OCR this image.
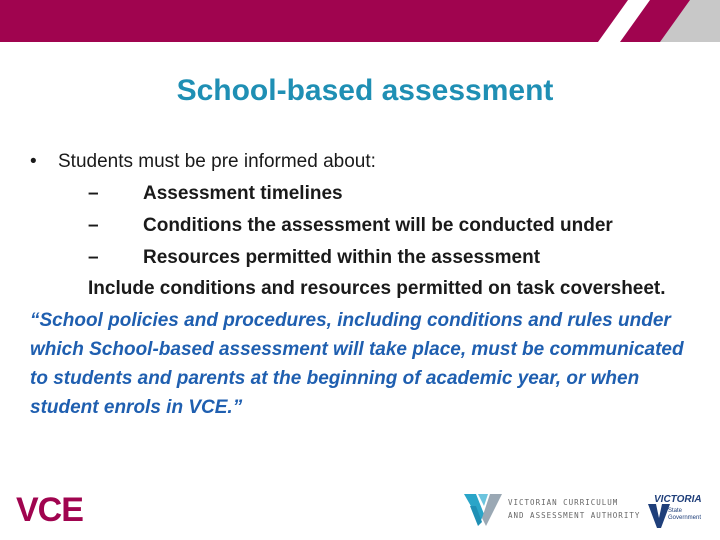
School-based assessment
• Students must be pre informed about:
– Assessment timelines
– Conditions the assessment will be conducted under
– Resources permitted within the assessment
Include conditions and resources permitted on task coversheet.
“School policies and procedures, including conditions and rules under which School-based assessment will take place, must be communicated to students and parents at the beginning of academic year, or when student enrols in VCE.”
VCE	VICTORIAN CURRICULUM
AND ASSESSMENT AUTHORITY
VICTORIA
State
Government
